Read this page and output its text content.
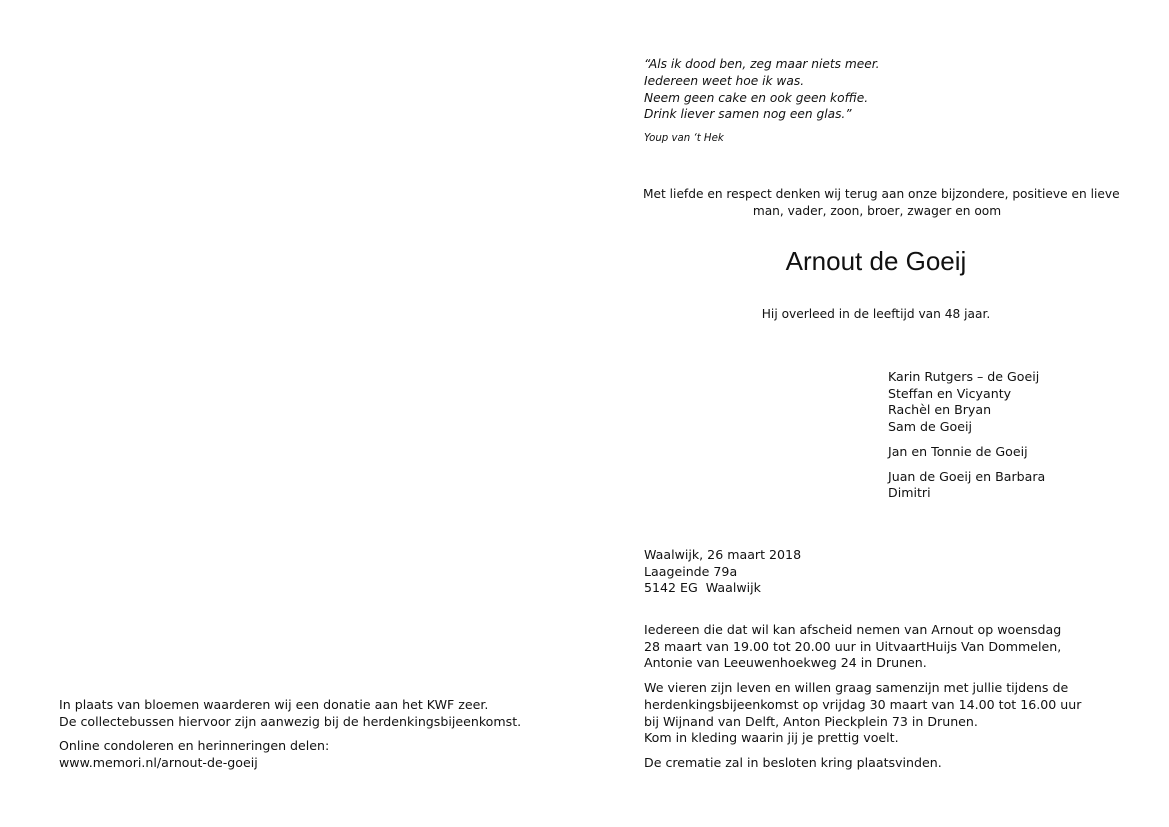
“Als ik dood ben, zeg maar niets meer.
Iedereen weet hoe ik was.
Neem geen cake en ook geen koffie.
Drink liever samen nog een glas.”
Youp van ‘t Hek
Met liefde en respect denken wij terug aan onze bijzondere, positieve en lieve
man, vader, zoon, broer, zwager en oom
Arnout de Goeij
Hij overleed in de leeftijd van 48 jaar.
Karin Rutgers – de Goeij
Steffan en Vicyanty
Rachèl en Bryan
Sam de Goeij
Jan en Tonnie de Goeij
Juan de Goeij en Barbara
Dimitri
Waalwijk, 26 maart 2018
Laageinde 79a
5142 EG  Waalwijk
Iedereen die dat wil kan afscheid nemen van Arnout op woensdag
28 maart van 19.00 tot 20.00 uur in UitvaartHuijs Van Dommelen,
Antonie van Leeuwenhoekweg 24 in Drunen.
We vieren zijn leven en willen graag samenzijn met jullie tijdens de
herdenkingsbijeenkomst op vrijdag 30 maart van 14.00 tot 16.00 uur
bij Wijnand van Delft, Anton Pieckplein 73 in Drunen.
Kom in kleding waarin jij je prettig voelt.
De crematie zal in besloten kring plaatsvinden.
In plaats van bloemen waarderen wij een donatie aan het KWF zeer.
De collectebussen hiervoor zijn aanwezig bij de herdenkingsbijeenkomst.
Online condoleren en herinneringen delen:
www.memori.nl/arnout-de-goeij
